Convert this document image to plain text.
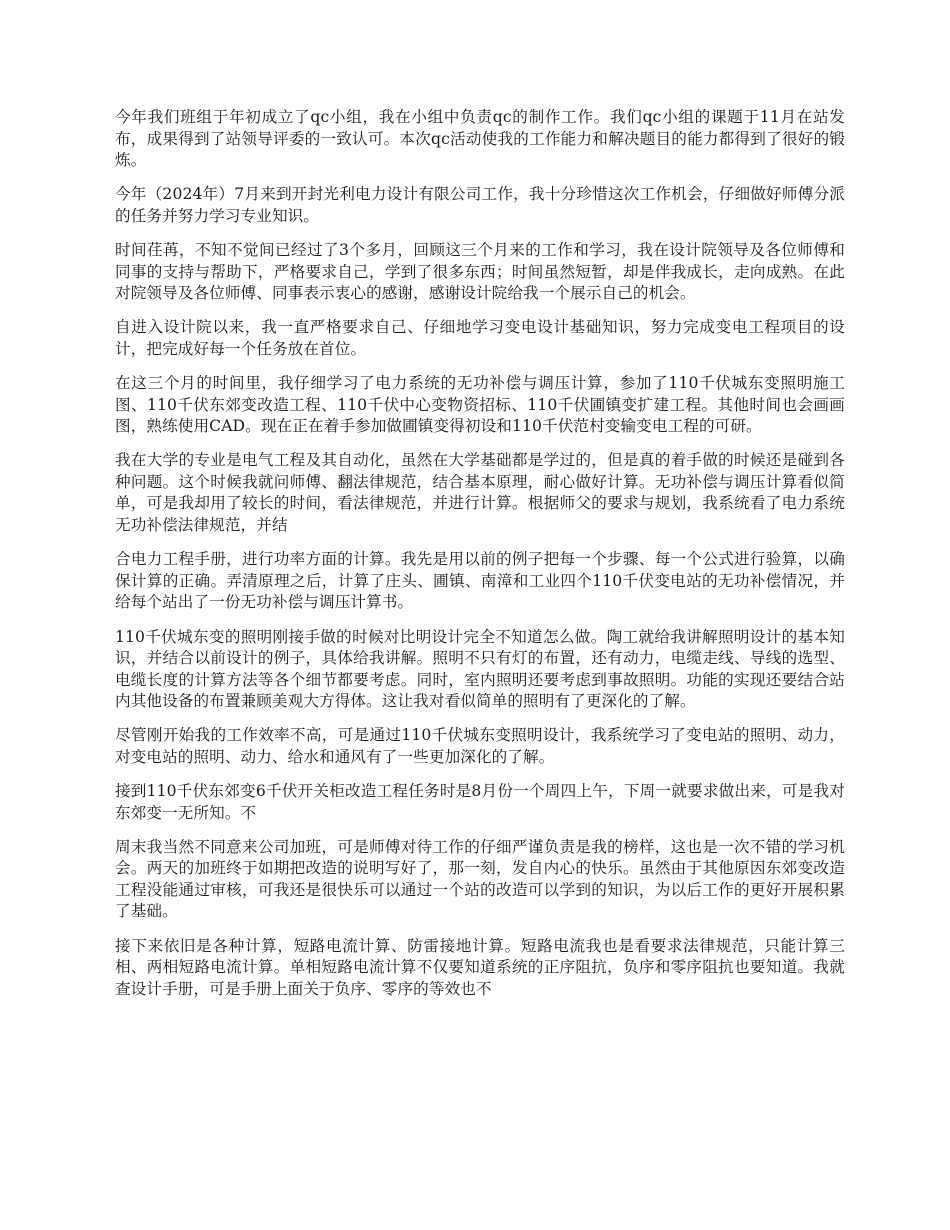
今年我们班组于年初成立了qc小组，我在小组中负责qc的制作工作。我们qc小组的课题于11月在站发布，成果得到了站领导评委的一致认可。本次qc活动使我的工作能力和解决题目的能力都得到了很好的锻炼。

今年（2024年）7月来到开封光利电力设计有限公司工作，我十分珍惜这次工作机会，仔细做好师傅分派的任务并努力学习专业知识。

时间荏苒，不知不觉间已经过了3个多月，回顾这三个月来的工作和学习，我在设计院领导及各位师傅和同事的支持与帮助下，严格要求自己，学到了很多东西；时间虽然短暂，却是伴我成长，走向成熟。在此对院领导及各位师傅、同事表示衷心的感谢，感谢设计院给我一个展示自己的机会。

自进入设计院以来，我一直严格要求自己、仔细地学习变电设计基础知识，努力完成变电工程项目的设计，把完成好每一个任务放在首位。

在这三个月的时间里，我仔细学习了电力系统的无功补偿与调压计算，参加了110千伏城东变照明施工图、110千伏东郊变改造工程、110千伏中心变物资招标、110千伏圃镇变扩建工程。其他时间也会画画图，熟练使用CAD。现在正在着手参加做圃镇变得初设和110千伏范村变输变电工程的可研。

我在大学的专业是电气工程及其自动化，虽然在大学基础都是学过的，但是真的着手做的时候还是碰到各种问题。这个时候我就问师傅、翻法律规范，结合基本原理，耐心做好计算。无功补偿与调压计算看似简单，可是我却用了较长的时间，看法律规范，并进行计算。根据师父的要求与规划，我系统看了电力系统无功补偿法律规范，并结

合电力工程手册，进行功率方面的计算。我先是用以前的例子把每一个步骤、每一个公式进行验算，以确保计算的正确。弄清原理之后，计算了庄头、圃镇、南漳和工业四个110千伏变电站的无功补偿情况，并给每个站出了一份无功补偿与调压计算书。

110千伏城东变的照明刚接手做的时候对比明设计完全不知道怎么做。陶工就给我讲解照明设计的基本知识，并结合以前设计的例子，具体给我讲解。照明不只有灯的布置，还有动力，电缆走线、导线的选型、电缆长度的计算方法等各个细节都要考虑。同时，室内照明还要考虑到事故照明。功能的实现还要结合站内其他设备的布置兼顾美观大方得体。这让我对看似简单的照明有了更深化的了解。

尽管刚开始我的工作效率不高，可是通过110千伏城东变照明设计，我系统学习了变电站的照明、动力，对变电站的照明、动力、给水和通风有了一些更加深化的了解。

接到110千伏东郊变6千伏开关柜改造工程任务时是8月份一个周四上午，下周一就要求做出来，可是我对东郊变一无所知。不

周末我当然不同意来公司加班，可是师傅对待工作的仔细严谨负责是我的榜样，这也是一次不错的学习机会。两天的加班终于如期把改造的说明写好了，那一刻，发自内心的快乐。虽然由于其他原因东郊变改造工程没能通过审核，可我还是很快乐可以通过一个站的改造可以学到的知识，为以后工作的更好开展积累了基础。

接下来依旧是各种计算，短路电流计算、防雷接地计算。短路电流我也是看要求法律规范，只能计算三相、两相短路电流计算。单相短路电流计算不仅要知道系统的正序阻抗，负序和零序阻抗也要知道。我就查设计手册，可是手册上面关于负序、零序的等效也不
